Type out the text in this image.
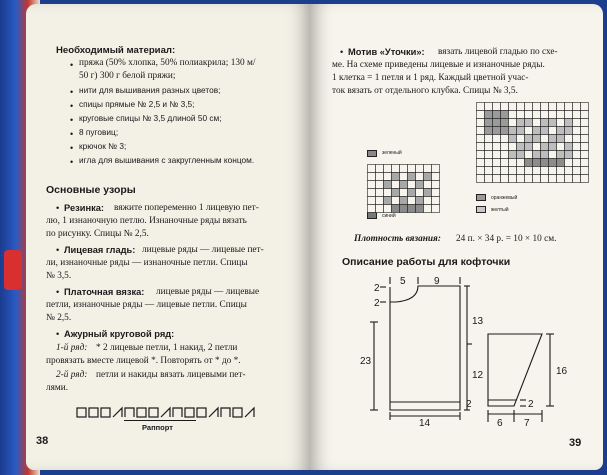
Необходимый материал:
• пряжа (50% хлопка, 50% полиакрила; 130 м/
50 г) 300 г белой пряжи;
• нити для вышивания разных цветов;
• спицы прямые № 2,5 и № 3,5;
• круговые спицы № 3,5 длиной 50 см;
• 8 пуговиц;
• крючок № 3;
• игла для вышивания с закругленным концом.
Основные узоры
• Резинка: вяжите попеременно 1 лицевую пет-
лю, 1 изнаночную петлю. Изнаночные ряды вязать
по рисунку. Спицы № 2,5.
• Лицевая гладь: лицевые ряды — лицевые пет-
ли, изнаночные ряды — изнаночные петли. Спицы
№ 3,5.
• Платочная вязка: лицевые ряды — лицевые
петли, изнаночные ряды — лицевые петли. Спицы
№ 2,5.
• Ажурный круговой ряд:
1-й ряд: * 2 лицевые петли, 1 накид, 2 петли
провязать вместе лицевой *. Повторять от * до *.
2-й ряд: петли и накиды вязать лицевыми пет-
лями.
Раппорт
38
• Мотив «Уточки»: вязать лицевой гладью по схе-
ме. На схеме приведены лицевые и изнаночные ряды.
1 клетка = 1 петля и 1 ряд. Каждый цветной учас-
ток вязать от отдельного клубка. Спицы № 3,5.
зеленый
синий
оранжевый
желтый
Плотность вязания: 24 п. × 34 р. = 10 × 10 см.
Описание работы для кофточки
5	9
2
2
13
23
12
2
14
16
2
6 7
39
